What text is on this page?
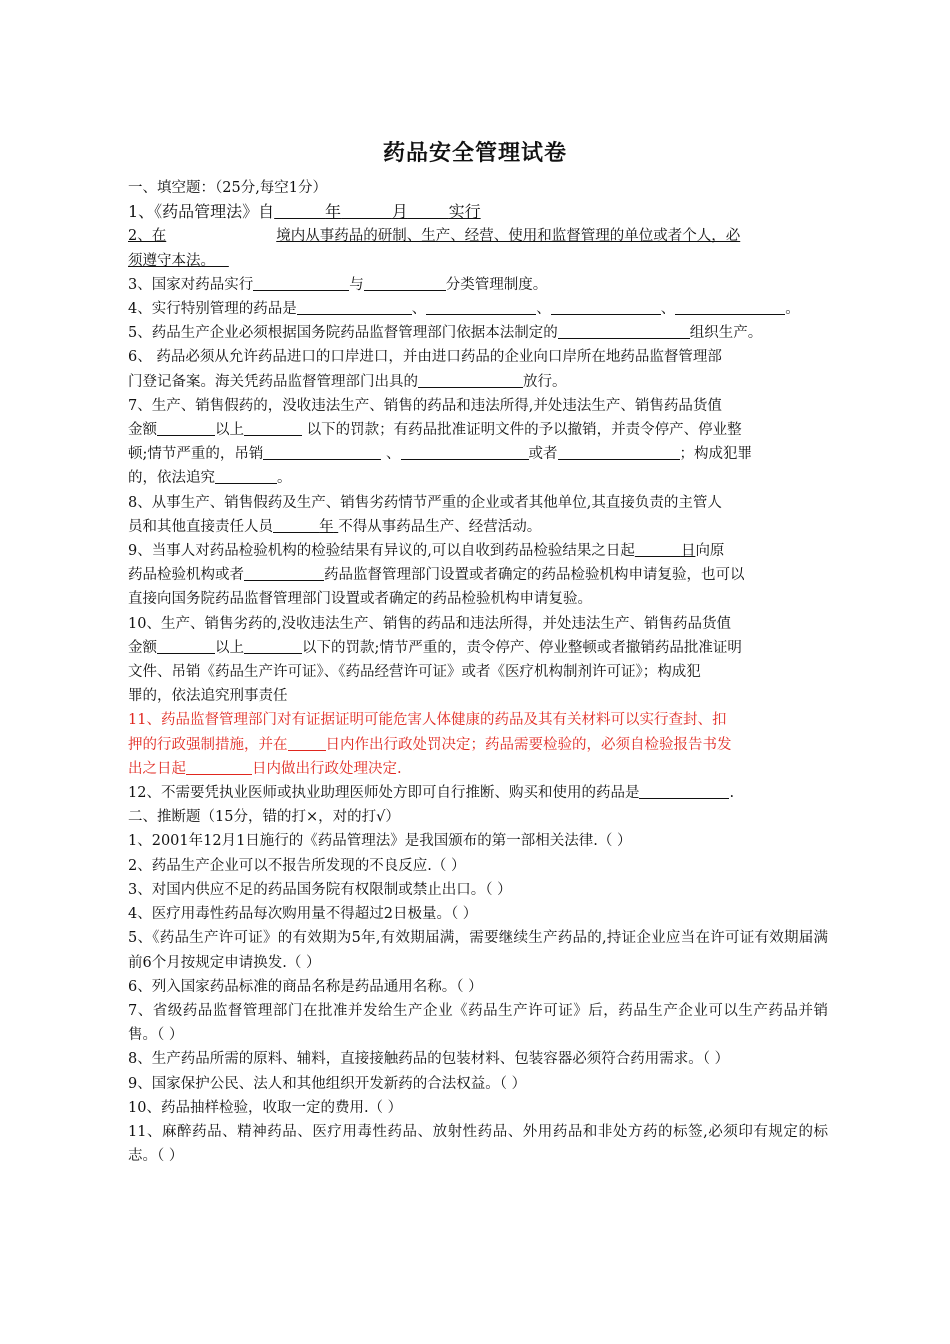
药品安全管理试卷
一、填空题：（25分,每空1分）
1、《药品管理法》自	年	月	实行
2、在	境内从事药品的研制、生产、经营、使用和监督管理的单位或者个人，必
须遵守本法。
3、国家对药品实行	与	分类管理制度。
4、实行特别管理的药品是	、	、	、	。
5、药品生产企业必须根据国务院药品监督管理部门依据本法制定的	组织生产。
6、 药品必须从允许药品进口的口岸进口，并由进口药品的企业向口岸所在地药品监督管理部
门登记备案。海关凭药品监督管理部门出具的	放行。
7、生产、销售假药的，没收违法生产、销售的药品和违法所得,并处违法生产、销售药品货值
金额	以上	以下的罚款；有药品批准证明文件的予以撤销，并责令停产、停业整
顿;情节严重的，吊销	、	或者	；构成犯罪
的，依法追究	。
8、从事生产、销售假药及生产、销售劣药情节严重的企业或者其他单位,其直接负责的主管人
员和其他直接责任人员	年 不得从事药品生产、经营活动。
9、当事人对药品检验机构的检验结果有异议的,可以自收到药品检验结果之日起	日向原
药品检验机构或者	药品监督管理部门设置或者确定的药品检验机构申请复验，也可以
直接向国务院药品监督管理部门设置或者确定的药品检验机构申请复验。
10、生产、销售劣药的,没收违法生产、销售的药品和违法所得，并处违法生产、销售药品货值
金额	以上	以下的罚款;情节严重的，责令停产、停业整顿或者撤销药品批准证明
文件、吊销《药品生产许可证》、《药品经营许可证》或者《医疗机构制剂许可证》；构成犯
罪的，依法追究刑事责任
11、药品监督管理部门对有证据证明可能危害人体健康的药品及其有关材料可以实行查封、扣
押的行政强制措施，并在	日内作出行政处罚决定；药品需要检验的，必须自检验报告书发
出之日起	日内做出行政处理决定.
12、不需要凭执业医师或执业助理医师处方即可自行推断、购买和使用的药品是	.
二、推断题（15分，错的打×，对的打√）
1、2001年12月1日施行的《药品管理法》是我国颁布的第一部相关法律.（ ）
2、药品生产企业可以不报告所发现的不良反应.（ ）
3、对国内供应不足的药品国务院有权限制或禁止出口。（ ）
4、医疗用毒性药品每次购用量不得超过2日极量。（ ）
5、《药品生产许可证》的有效期为5年,有效期届满，需要继续生产药品的,持证企业应当在许可证有效期届满前6个月按规定申请换发.（ ）
6、列入国家药品标准的商品名称是药品通用名称。（ ）
7、省级药品监督管理部门在批准并发给生产企业《药品生产许可证》后，药品生产企业可以生产药品并销售。（ ）
8、生产药品所需的原料、辅料，直接接触药品的包装材料、包装容器必须符合药用需求。（ ）
9、国家保护公民、法人和其他组织开发新药的合法权益。（ ）
10、药品抽样检验，收取一定的费用.（ ）
11、麻醉药品、精神药品、医疗用毒性药品、放射性药品、外用药品和非处方药的标签,必须印有规定的标志。（ ）
